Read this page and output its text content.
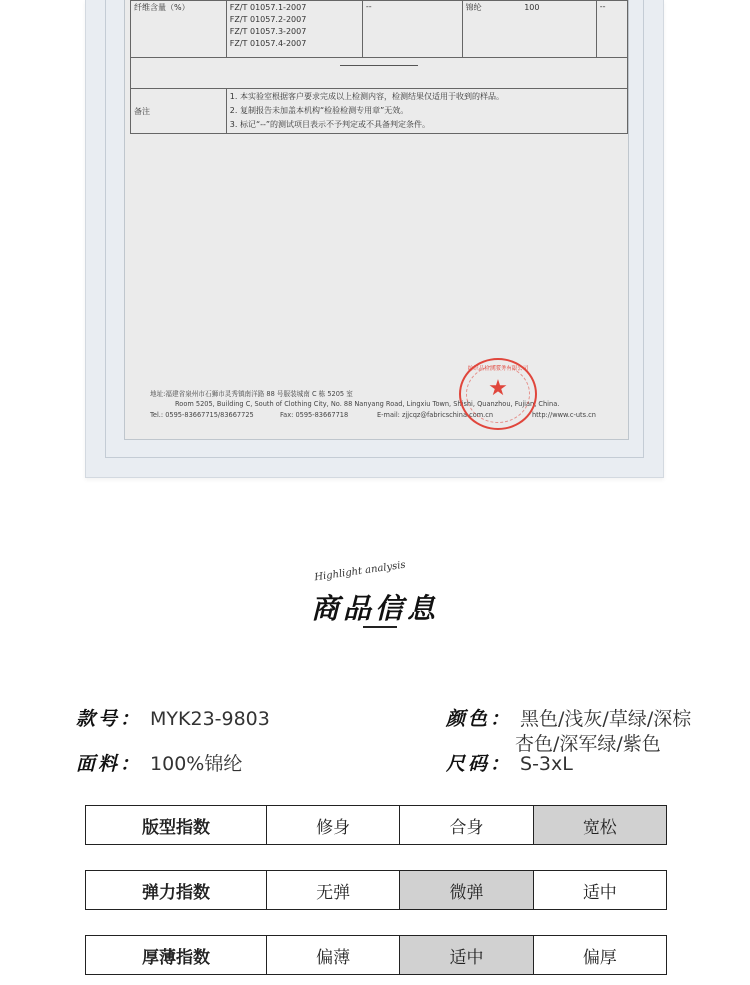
纤维含量（%）	FZ/T 01057.1-2007
FZ/T 01057.2-2007
FZ/T 01057.3-2007
FZ/T 01057.4-2007	--	锦纶 100	--

备注	1. 本实验室根据客户要求完成以上检测内容，检测结果仅适用于收到的样品。
2. 复制报告未加盖本机构“检验检测专用章”无效。
3. 标记“--”的测试项目表示不予判定或不具备判定条件。			
地址:福建省泉州市石狮市灵秀镇南洋路 88 号服装城南 C 栋 5205 室
Room 5205, Building C, South of Clothing City, No. 88 Nanyang Road, Lingxiu Town, Shishi, Quanzhou, Fujian, China.
Tel.: 0595-83667715/83667725	Fax: 0595-83667718	E-mail: zjjcqz@fabricschina.com.cn	http://www.c-uts.cn
★
纺织品检测服务有限公司
Highlight analysis
商品信息
款号： MYK23-9803
面料： 100%锦纶
颜色： 黑色/浅灰/草绿/深棕
杏色/深军绿/紫色
尺码： S-3xL
版型指数	修身	合身	宽松
弹力指数	无弹	微弹	适中
厚薄指数	偏薄	适中	偏厚
